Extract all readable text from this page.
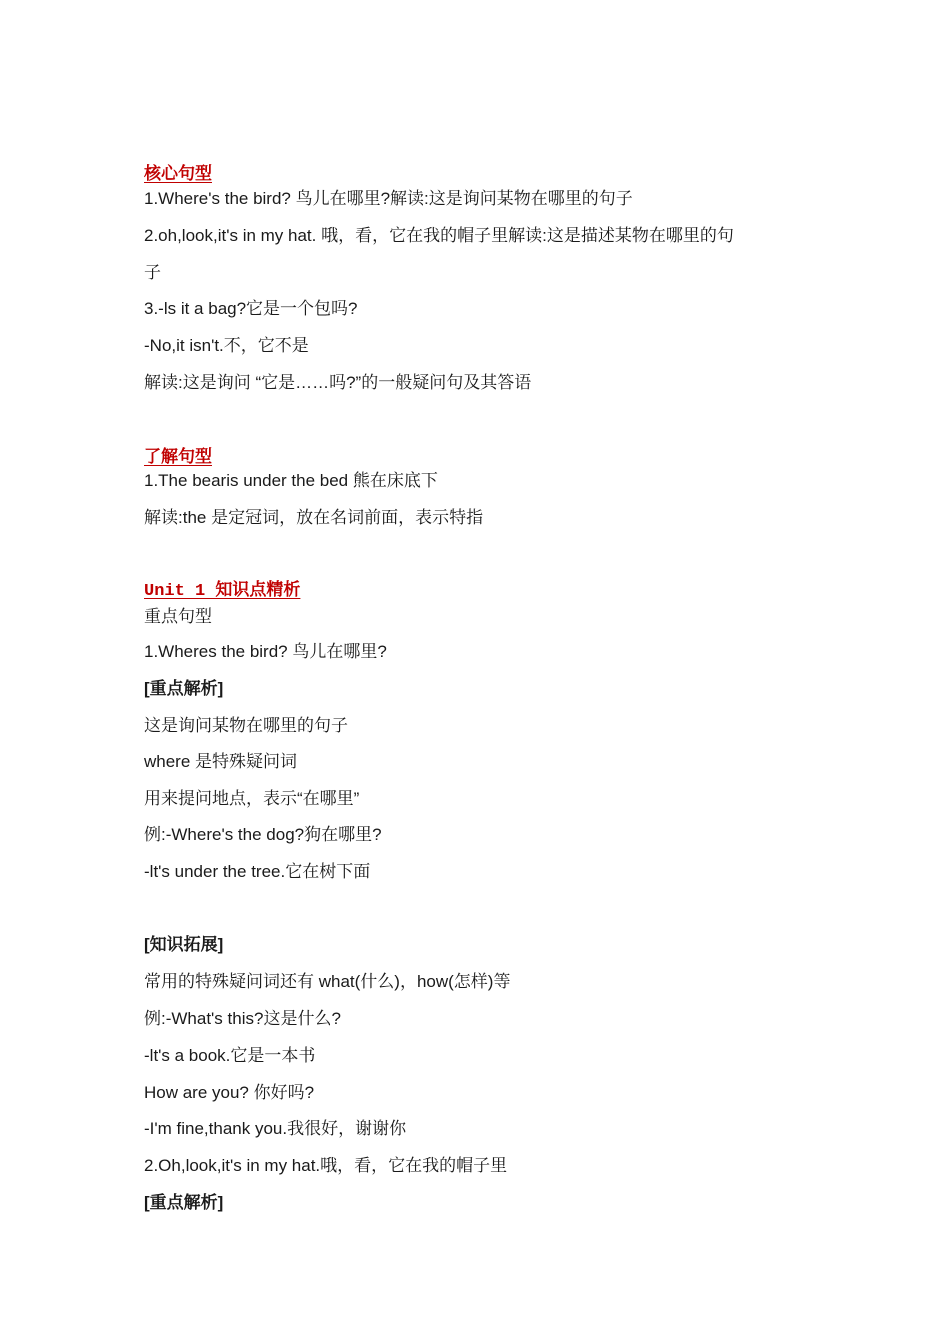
核心句型
1.Where's the bird? 鸟儿在哪里?解读:这是询问某物在哪里的句子
2.oh,look,it's in my hat. 哦，看，它在我的帽子里解读:这是描述某物在哪里的句
子
3.-ls it a bag?它是一个包吗?
-No,it isn't.不，它不是
解读:这是询问 “它是……吗?”的一般疑问句及其答语
了解句型
1.The bearis under the bed 熊在床底下
解读:the 是定冠词，放在名词前面，表示特指
Unit 1 知识点精析
重点句型
1.Wheres the bird? 鸟儿在哪里?
[重点解析]
这是询问某物在哪里的句子
where 是特殊疑问词
用来提问地点，表示“在哪里”
例:-Where's the dog?狗在哪里?
-lt's under the tree.它在树下面
[知识拓展]
常用的特殊疑问词还有 what(什么)，how(怎样)等
例:-What's this?这是什么?
-lt's a book.它是一本书
How are you? 你好吗?
-I'm fine,thank you.我很好，谢谢你
2.Oh,look,it's in my hat.哦，看，它在我的帽子里
[重点解析]
